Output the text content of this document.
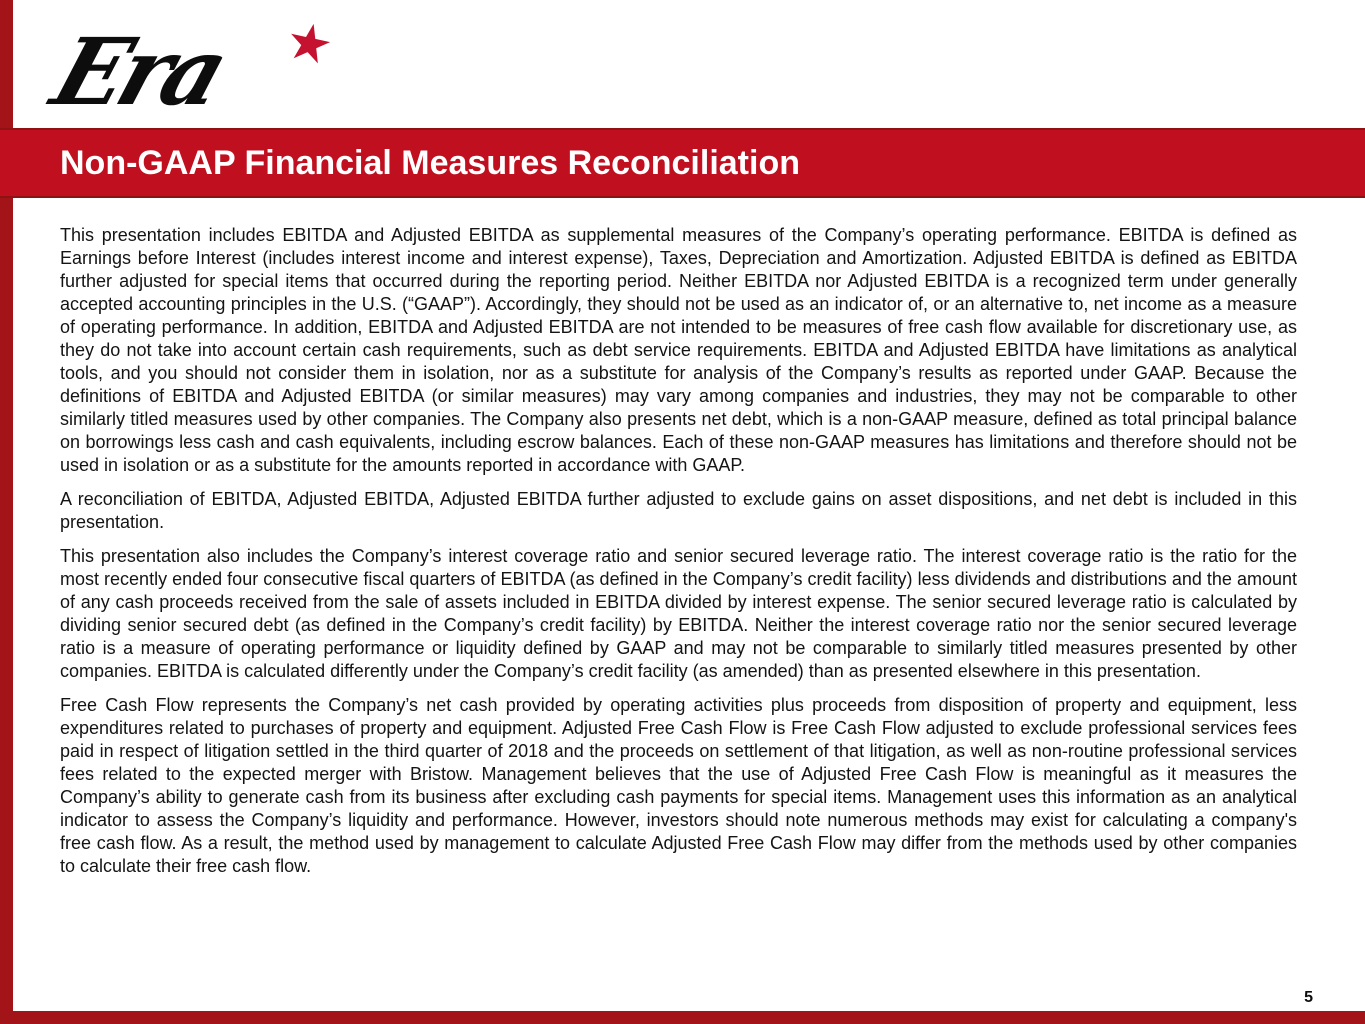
Era ★
Non-GAAP Financial Measures Reconciliation

This presentation includes EBITDA and Adjusted EBITDA as supplemental measures of the Company’s operating performance. EBITDA is defined as Earnings before Interest (includes interest income and interest expense), Taxes, Depreciation and Amortization. Adjusted EBITDA is defined as EBITDA further adjusted for special items that occurred during the reporting period. Neither EBITDA nor Adjusted EBITDA is a recognized term under generally accepted accounting principles in the U.S. (“GAAP”). Accordingly, they should not be used as an indicator of, or an alternative to, net income as a measure of operating performance. In addition, EBITDA and Adjusted EBITDA are not intended to be measures of free cash flow available for discretionary use, as they do not take into account certain cash requirements, such as debt service requirements. EBITDA and Adjusted EBITDA have limitations as analytical tools, and you should not consider them in isolation, nor as a substitute for analysis of the Company’s results as reported under GAAP. Because the definitions of EBITDA and Adjusted EBITDA (or similar measures) may vary among companies and industries, they may not be comparable to other similarly titled measures used by other companies. The Company also presents net debt, which is a non-GAAP measure, defined as total principal balance on borrowings less cash and cash equivalents, including escrow balances. Each of these non-GAAP measures has limitations and therefore should not be used in isolation or as a substitute for the amounts reported in accordance with GAAP.

A reconciliation of EBITDA, Adjusted EBITDA, Adjusted EBITDA further adjusted to exclude gains on asset dispositions, and net debt is included in this presentation.

This presentation also includes the Company’s interest coverage ratio and senior secured leverage ratio. The interest coverage ratio is the ratio for the most recently ended four consecutive fiscal quarters of EBITDA (as defined in the Company’s credit facility) less dividends and distributions and the amount of any cash proceeds received from the sale of assets included in EBITDA divided by interest expense. The senior secured leverage ratio is calculated by dividing senior secured debt (as defined in the Company’s credit facility) by EBITDA. Neither the interest coverage ratio nor the senior secured leverage ratio is a measure of operating performance or liquidity defined by GAAP and may not be comparable to similarly titled measures presented by other companies. EBITDA is calculated differently under the Company’s credit facility (as amended) than as presented elsewhere in this presentation.

Free Cash Flow represents the Company’s net cash provided by operating activities plus proceeds from disposition of property and equipment, less expenditures related to purchases of property and equipment. Adjusted Free Cash Flow is Free Cash Flow adjusted to exclude professional services fees paid in respect of litigation settled in the third quarter of 2018 and the proceeds on settlement of that litigation, as well as non-routine professional services fees related to the expected merger with Bristow. Management believes that the use of Adjusted Free Cash Flow is meaningful as it measures the Company’s ability to generate cash from its business after excluding cash payments for special items. Management uses this information as an analytical indicator to assess the Company’s liquidity and performance. However, investors should note numerous methods may exist for calculating a company's free cash flow. As a result, the method used by management to calculate Adjusted Free Cash Flow may differ from the methods used by other companies to calculate their free cash flow.

5
